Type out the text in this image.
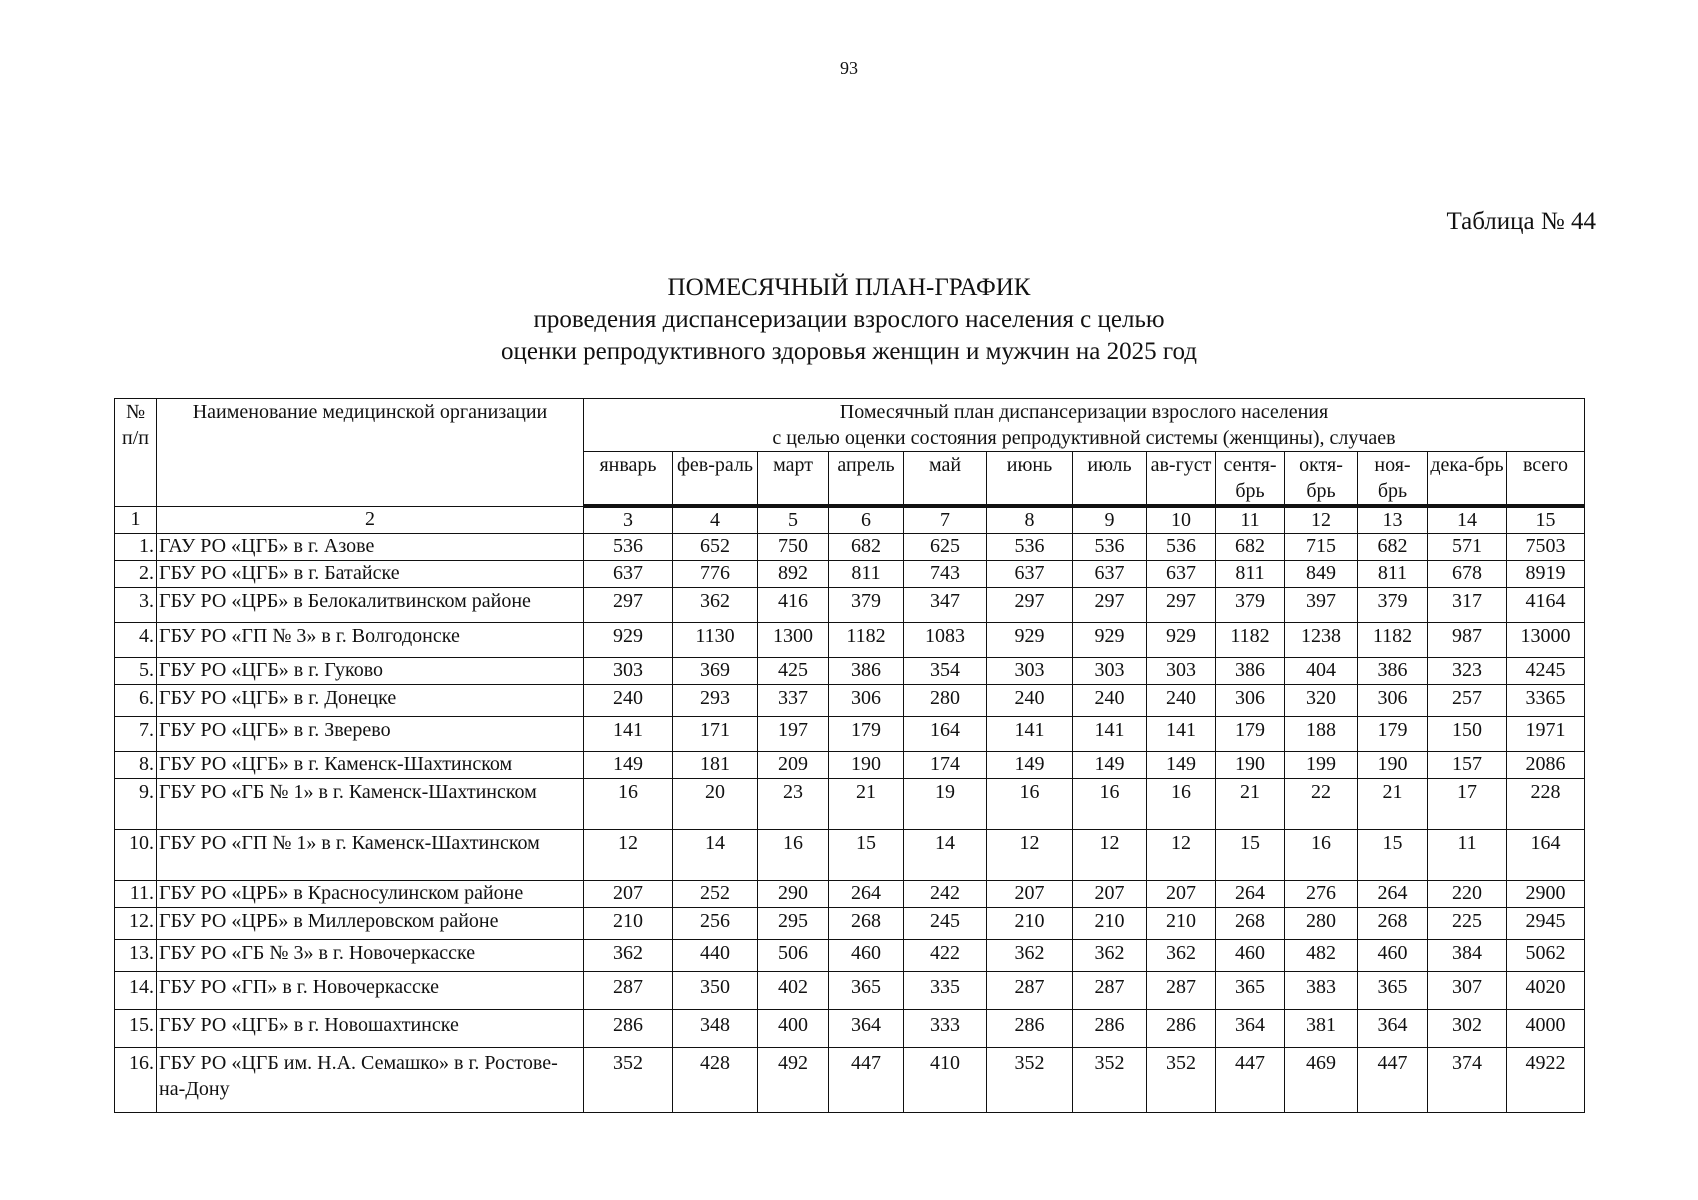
93
Таблица № 44
ПОМЕСЯЧНЫЙ ПЛАН-ГРАФИК
проведения диспансеризации взрослого населения с целью
оценки репродуктивного здоровья женщин и мужчин на 2025 год
№ п/п	Наименование медицинской организации	Помесячный план диспансеризации взрослого населения
с целью оценки состояния репродуктивной системы (женщины), случаев												

		январь	фев-раль	март	апрель	май	июнь	июль	ав-густ	сентя-брь	октя-брь	ноя-брь	дека-брь	всего
1	2	3	4	5	6	7	8	9	10	11	12	13	14	15
1.	ГАУ РО «ЦГБ» в г. Азове	536	652	750	682	625	536	536	536	682	715	682	571	7503
2.	ГБУ РО «ЦГБ» в г. Батайске	637	776	892	811	743	637	637	637	811	849	811	678	8919
3.	ГБУ РО «ЦРБ» в Белокалитвинском районе	297	362	416	379	347	297	297	297	379	397	379	317	4164
4.	ГБУ РО «ГП № 3» в г. Волгодонске	929	1130	1300	1182	1083	929	929	929	1182	1238	1182	987	13000
5.	ГБУ РО «ЦГБ» в г. Гуково	303	369	425	386	354	303	303	303	386	404	386	323	4245
6.	ГБУ РО «ЦГБ» в г. Донецке	240	293	337	306	280	240	240	240	306	320	306	257	3365
7.	ГБУ РО «ЦГБ» в г. Зверево	141	171	197	179	164	141	141	141	179	188	179	150	1971
8.	ГБУ РО «ЦГБ» в г. Каменск-Шахтинском	149	181	209	190	174	149	149	149	190	199	190	157	2086
9.	ГБУ РО «ГБ № 1» в г. Каменск-Шахтинском	16	20	23	21	19	16	16	16	21	22	21	17	228
10.	ГБУ РО «ГП № 1» в г. Каменск-Шахтинском	12	14	16	15	14	12	12	12	15	16	15	11	164
11.	ГБУ РО «ЦРБ» в Красносулинском районе	207	252	290	264	242	207	207	207	264	276	264	220	2900
12.	ГБУ РО «ЦРБ» в Миллеровском районе	210	256	295	268	245	210	210	210	268	280	268	225	2945
13.	ГБУ РО «ГБ № 3» в г. Новочеркасске	362	440	506	460	422	362	362	362	460	482	460	384	5062
14.	ГБУ РО «ГП» в г. Новочеркасске	287	350	402	365	335	287	287	287	365	383	365	307	4020
15.	ГБУ РО «ЦГБ» в г. Новошахтинске	286	348	400	364	333	286	286	286	364	381	364	302	4000
16.	ГБУ РО «ЦГБ им. Н.А. Семашко» в г. Ростове-на-Дону	352	428	492	447	410	352	352	352	447	469	447	374	4922
